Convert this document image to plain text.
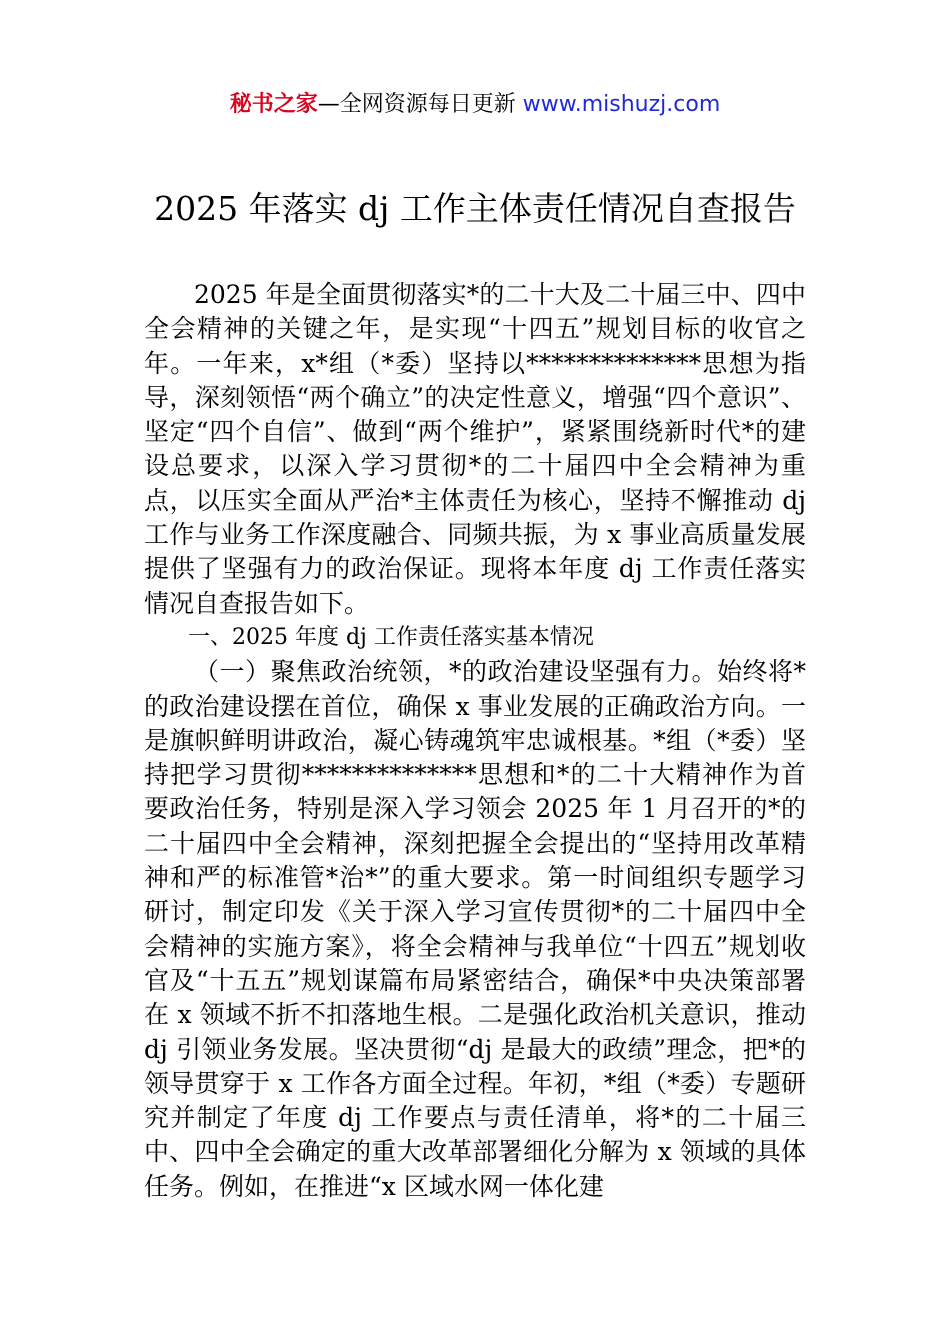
秘书之家—全网资源每日更新 www.mishuzj.com
2025 年落实 dj 工作主体责任情况自查报告

2025 年是全面贯彻落实*的二十大及二十届三中、四中全会精神的关键之年，是实现“十四五”规划目标的收官之年。一年来，x*组（*委）坚持以**************思想为指导，深刻领悟“两个确立”的决定性意义，增强“四个意识”、坚定“四个自信”、做到“两个维护”，紧紧围绕新时代*的建设总要求，以深入学习贯彻*的二十届四中全会精神为重点，以压实全面从严治*主体责任为核心，坚持不懈推动 dj 工作与业务工作深度融合、同频共振，为 x 事业高质量发展提供了坚强有力的政治保证。现将本年度 dj 工作责任落实情况自查报告如下。

一、2025 年度 dj 工作责任落实基本情况

（一）聚焦政治统领，*的政治建设坚强有力。始终将*的政治建设摆在首位，确保 x 事业发展的正确政治方向。一是旗帜鲜明讲政治，凝心铸魂筑牢忠诚根基。*组（*委）坚持把学习贯彻**************思想和*的二十大精神作为首要政治任务，特别是深入学习领会 2025 年 1 月召开的*的二十届四中全会精神，深刻把握全会提出的“坚持用改革精神和严的标准管*治*”的重大要求。第一时间组织专题学习研讨，制定印发《关于深入学习宣传贯彻*的二十届四中全会精神的实施方案》，将全会精神与我单位“十四五”规划收官及“十五五”规划谋篇布局紧密结合，确保*中央决策部署在 x 领域不折不扣落地生根。二是强化政治机关意识，推动 dj 引领业务发展。坚决贯彻“dj 是最大的政绩”理念，把*的领导贯穿于 x 工作各方面全过程。年初，*组（*委）专题研究并制定了年度 dj 工作要点与责任清单，将*的二十届三中、四中全会确定的重大改革部署细化分解为 x 领域的具体任务。例如，在推进“x 区域水网一体化建
